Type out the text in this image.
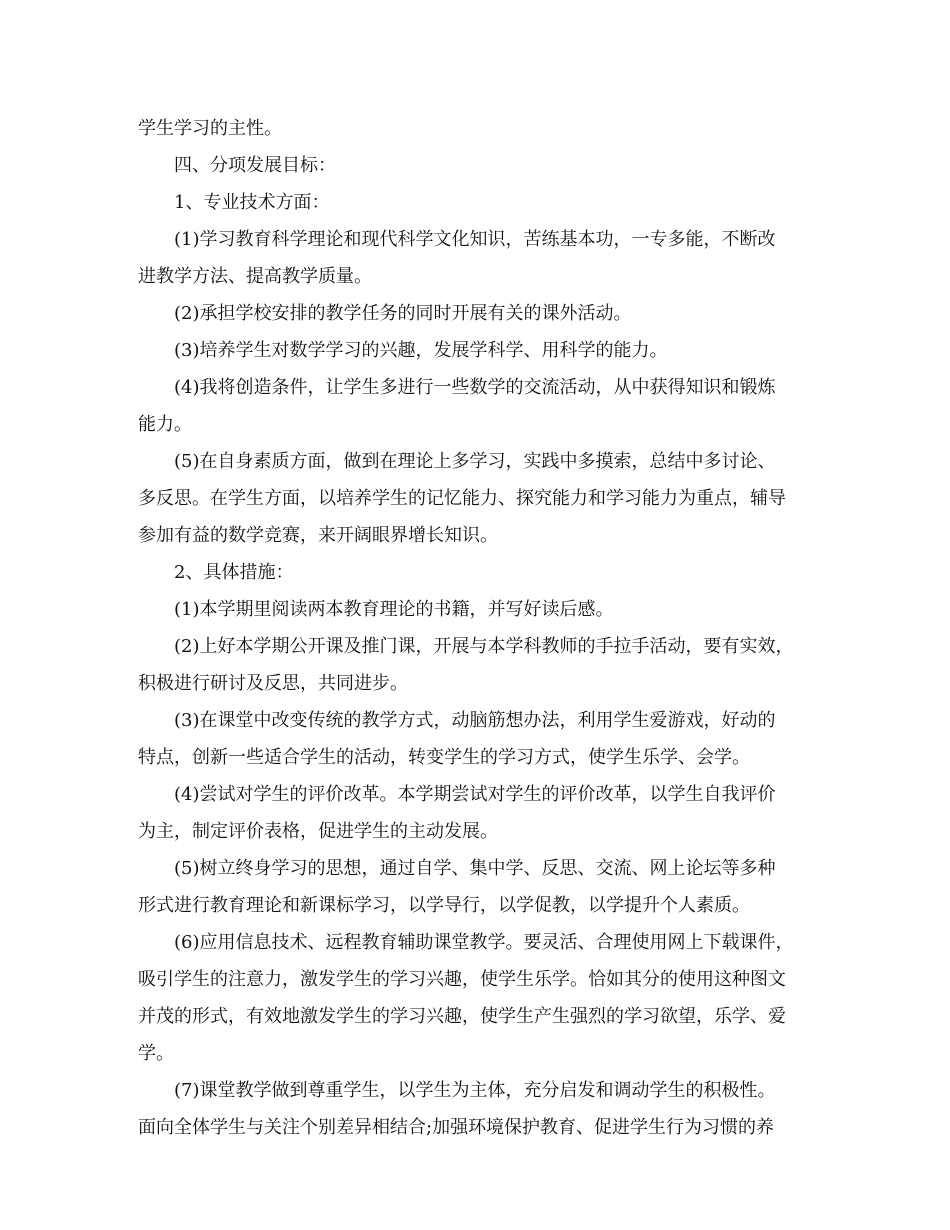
学生学习的主性。
四、分项发展目标：
1、专业技术方面：
(1)学习教育科学理论和现代科学文化知识，苦练基本功，一专多能，不断改
进教学方法、提高教学质量。
(2)承担学校安排的教学任务的同时开展有关的课外活动。
(3)培养学生对数学学习的兴趣，发展学科学、用科学的能力。
(4)我将创造条件，让学生多进行一些数学的交流活动，从中获得知识和锻炼
能力。
(5)在自身素质方面，做到在理论上多学习，实践中多摸索，总结中多讨论、
多反思。在学生方面，以培养学生的记忆能力、探究能力和学习能力为重点，辅导
参加有益的数学竞赛，来开阔眼界增长知识。
2、具体措施：
(1)本学期里阅读两本教育理论的书籍，并写好读后感。
(2)上好本学期公开课及推门课，开展与本学科教师的手拉手活动，要有实效，
积极进行研讨及反思，共同进步。
(3)在课堂中改变传统的教学方式，动脑筋想办法，利用学生爱游戏，好动的
特点，创新一些适合学生的活动，转变学生的学习方式，使学生乐学、会学。
(4)尝试对学生的评价改革。本学期尝试对学生的评价改革，以学生自我评价
为主，制定评价表格，促进学生的主动发展。
(5)树立终身学习的思想，通过自学、集中学、反思、交流、网上论坛等多种
形式进行教育理论和新课标学习，以学导行，以学促教，以学提升个人素质。
(6)应用信息技术、远程教育辅助课堂教学。要灵活、合理使用网上下载课件，
吸引学生的注意力，激发学生的学习兴趣，使学生乐学。恰如其分的使用这种图文
并茂的形式，有效地激发学生的学习兴趣，使学生产生强烈的学习欲望，乐学、爱
学。
(7)课堂教学做到尊重学生，以学生为主体，充分启发和调动学生的积极性。
面向全体学生与关注个别差异相结合;加强环境保护教育、促进学生行为习惯的养
